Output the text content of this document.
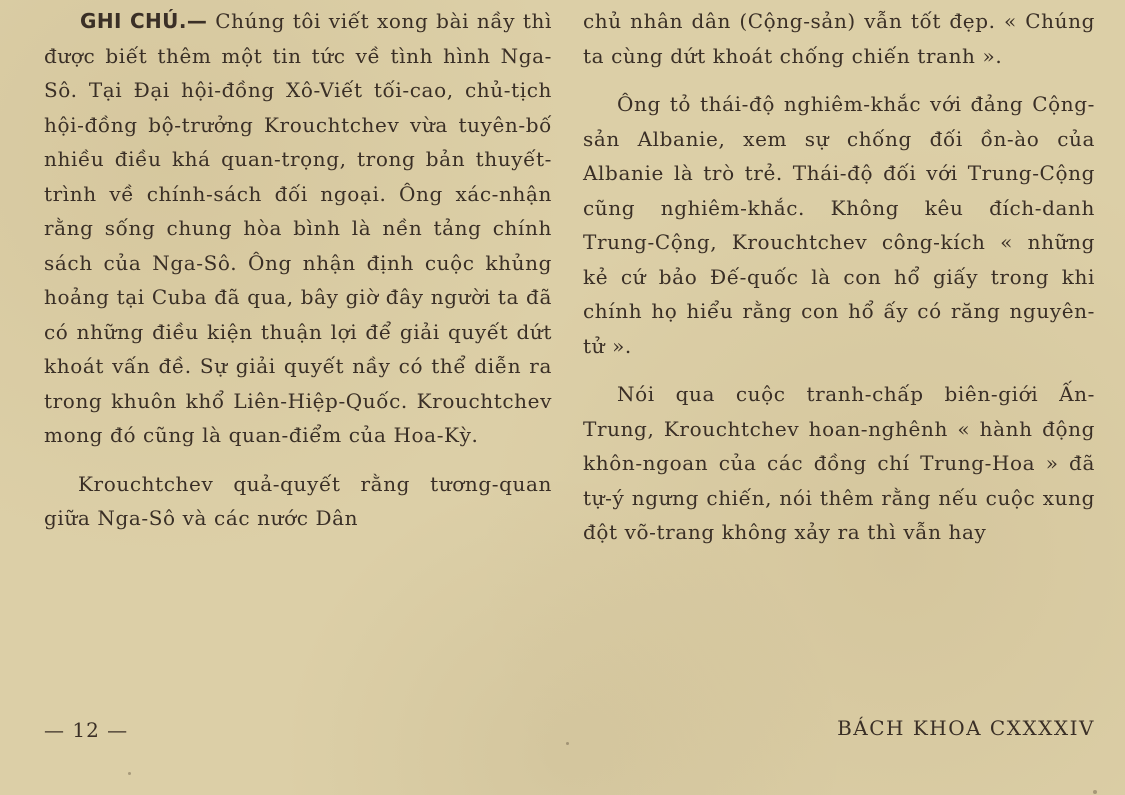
GHI CHÚ.— Chúng tôi viết xong bài nầy thì được biết thêm một tin tức về tình hình Nga-Sô. Tại Đại hội-đồng Xô-Viết tối-cao, chủ-tịch hội-đồng bộ-trưởng Krouchtchev vừa tuyên-bố nhiều điều khá quan-trọng, trong bản thuyết-trình về chính-sách đối ngoại. Ông xác-nhận rằng sống chung hòa bình là nền tảng chính sách của Nga-Sô. Ông nhận định cuộc khủng hoảng tại Cuba đã qua, bây giờ đây người ta đã có những điều kiện thuận lợi để giải quyết dứt khoát vấn đề. Sự giải quyết nầy có thể diễn ra trong khuôn khổ Liên-Hiệp-Quốc. Krouchtchev mong đó cũng là quan-điểm của Hoa-Kỳ.

Krouchtchev quả-quyết rằng tương-quan giữa Nga-Sô và các nước Dân

chủ nhân dân (Cộng-sản) vẫn tốt đẹp. « Chúng ta cùng dứt khoát chống chiến tranh ».

Ông tỏ thái-độ nghiêm-khắc với đảng Cộng-sản Albanie, xem sự chống đối ồn-ào của Albanie là trò trẻ. Thái-độ đối với Trung-Cộng cũng nghiêm-khắc. Không kêu đích-danh Trung-Cộng, Krouchtchev công-kích « những kẻ cứ bảo Đế-quốc là con hổ giấy trong khi chính họ hiểu rằng con hổ ấy có răng nguyên-tử ».

Nói qua cuộc tranh-chấp biên-giới Ấn-Trung, Krouchtchev hoan-nghênh « hành động khôn-ngoan của các đồng chí Trung-Hoa » đã tự-ý ngưng chiến, nói thêm rằng nếu cuộc xung đột võ-trang không xảy ra thì vẫn hay

— 12 —	BÁCH KHOA CXXXXIV
